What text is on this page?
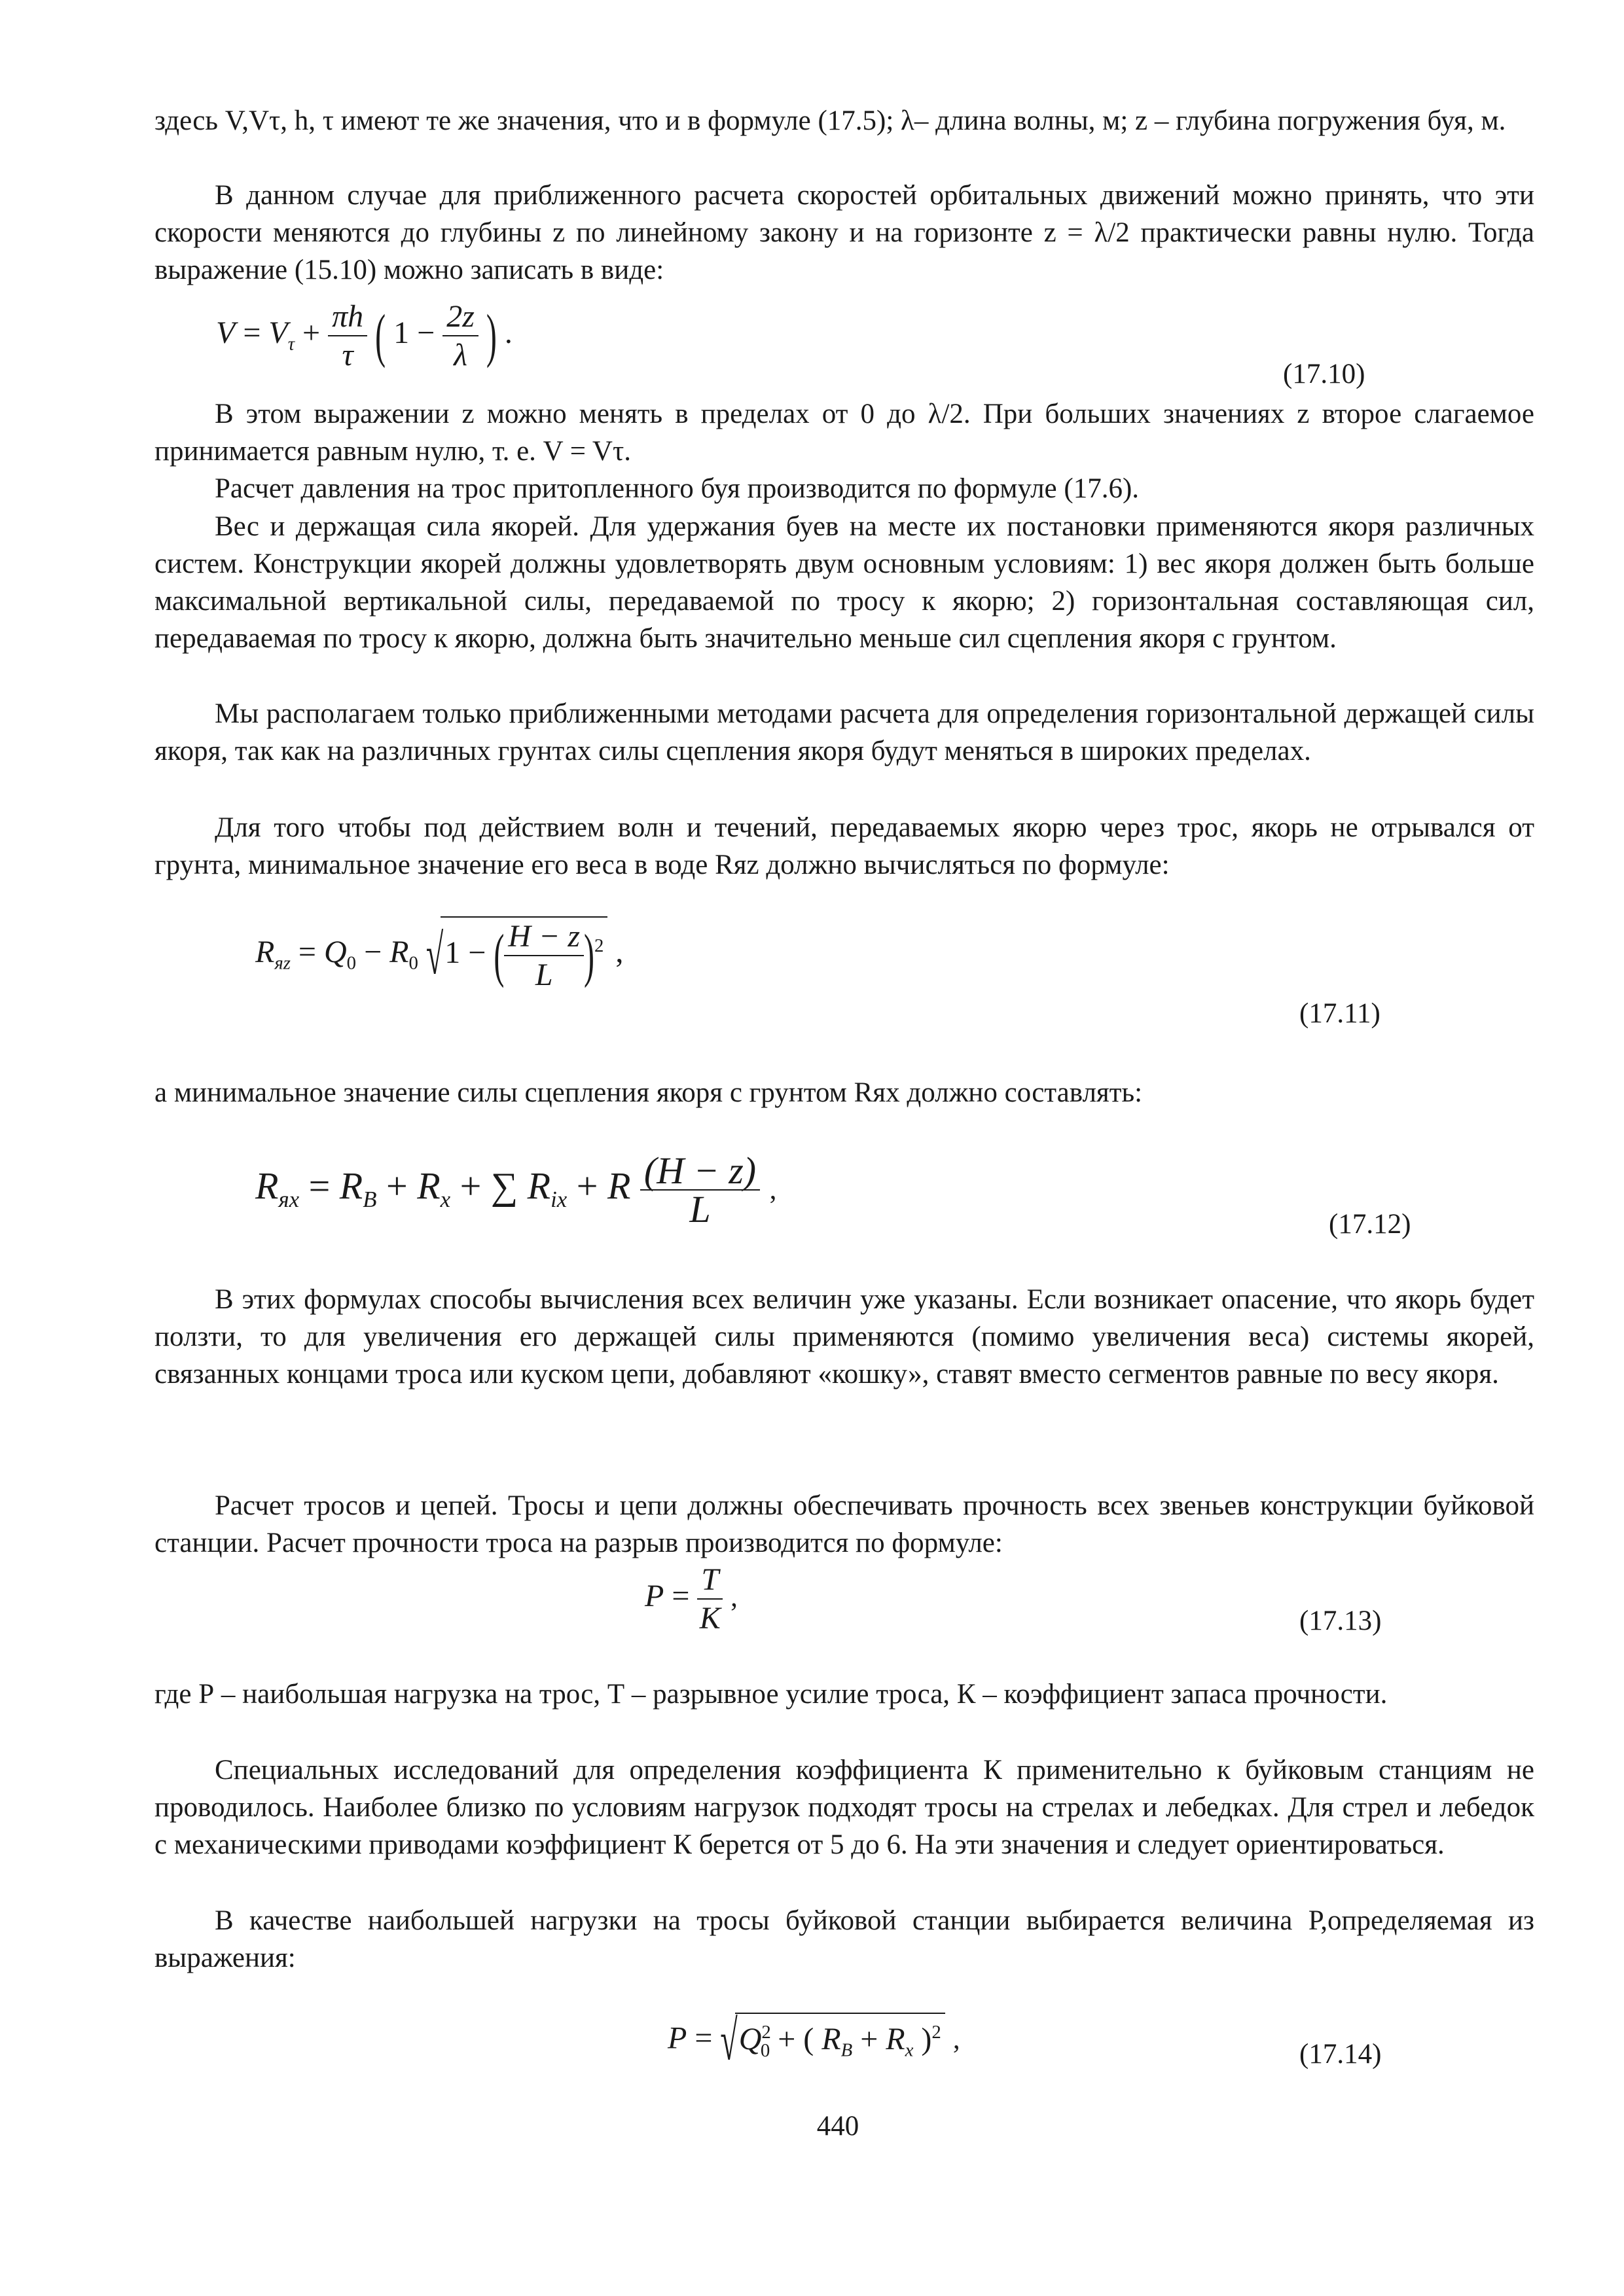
здесь V,Vτ, h, τ имеют те же значения, что и в формуле (17.5); λ– длина волны, м; z – глубина погружения буя, м.

В данном случае для приближенного расчета скоростей орбитальных движений можно принять, что эти скорости меняются до глубины z по линейному закону и на горизонте z = λ/2 практически равны нулю. Тогда выражение (15.10) можно записать в виде:

$V = V_\tau + \frac{\pi h}{\tau}$ ( $1 - \frac{2z}{\lambda}$ ) .
(17.10)

В этом выражении z можно менять в пределах от 0 до λ/2. При больших значениях z второе слагаемое принимается равным нулю, т. е. V = Vτ.

Расчет давления на трос притопленного буя производится по формуле (17.6).

Вес и держащая сила якорей. Для удержания буев на месте их постановки применяются якоря различных систем. Конструкции якорей должны удовлетворять двум основным условиям: 1) вес якоря должен быть больше максимальной вертикальной силы, передаваемой по тросу к якорю; 2) горизонтальная составляющая сил, передаваемая по тросу к якорю, должна быть значительно меньше сил сцепления якоря с грунтом.

Мы располагаем только приближенными методами расчета для определения горизонтальной держащей силы якоря, так как на различных грунтах силы сцепления якоря будут меняться в широких пределах.

Для того чтобы под действием волн и течений, передаваемых якорю через трос, якорь не отрывался от грунта, минимальное значение его веса в воде Rяz должно вычисляться по формуле:

$R_{яz} = Q_0 - R_0$ √1 − ( $\frac{H - z}{L} )^2$ ,
(17.11)

а минимальное значение силы сцепления якоря с грунтом Rях должно составлять:

$R_{ях} = R_B + R_x$ + ∑ $R_{ix} + R \frac{(H - z)}{L}$ ,
(17.12)

В этих формулах способы вычисления всех величин уже указаны. Если возникает опасение, что якорь будет ползти, то для увеличения его держащей силы применяются (помимо увеличения веса) системы якорей, связанных концами троса или куском цепи, добавляют «кошку», ставят вместо сегментов равные по весу якоря.

Расчет тросов и цепей. Тросы и цепи должны обеспечивать прочность всех звеньев конструкции буйковой станции. Расчет прочности троса на разрыв производится по формуле:

$P = \frac{T}{K}$ ,
(17.13)

где Р – наибольшая нагрузка на трос, Т – разрывное усилие троса, К – коэффициент запаса прочности.

Специальных исследований для определения коэффициента К применительно к буйковым станциям не проводилось. Наиболее близко по условиям нагрузок подходят тросы на стрелах и лебедках. Для стрел и лебедок с механическими приводами коэффициент К берется от 5 до 6. На эти значения и следует ориентироваться.

В качестве наибольшей нагрузки на тросы буйковой станции выбирается величина Р,определяемая из выражения:

$P = √Q^2_0$ + ( $R_B + R_x$ )$^2$ ,	(17.14)
440
